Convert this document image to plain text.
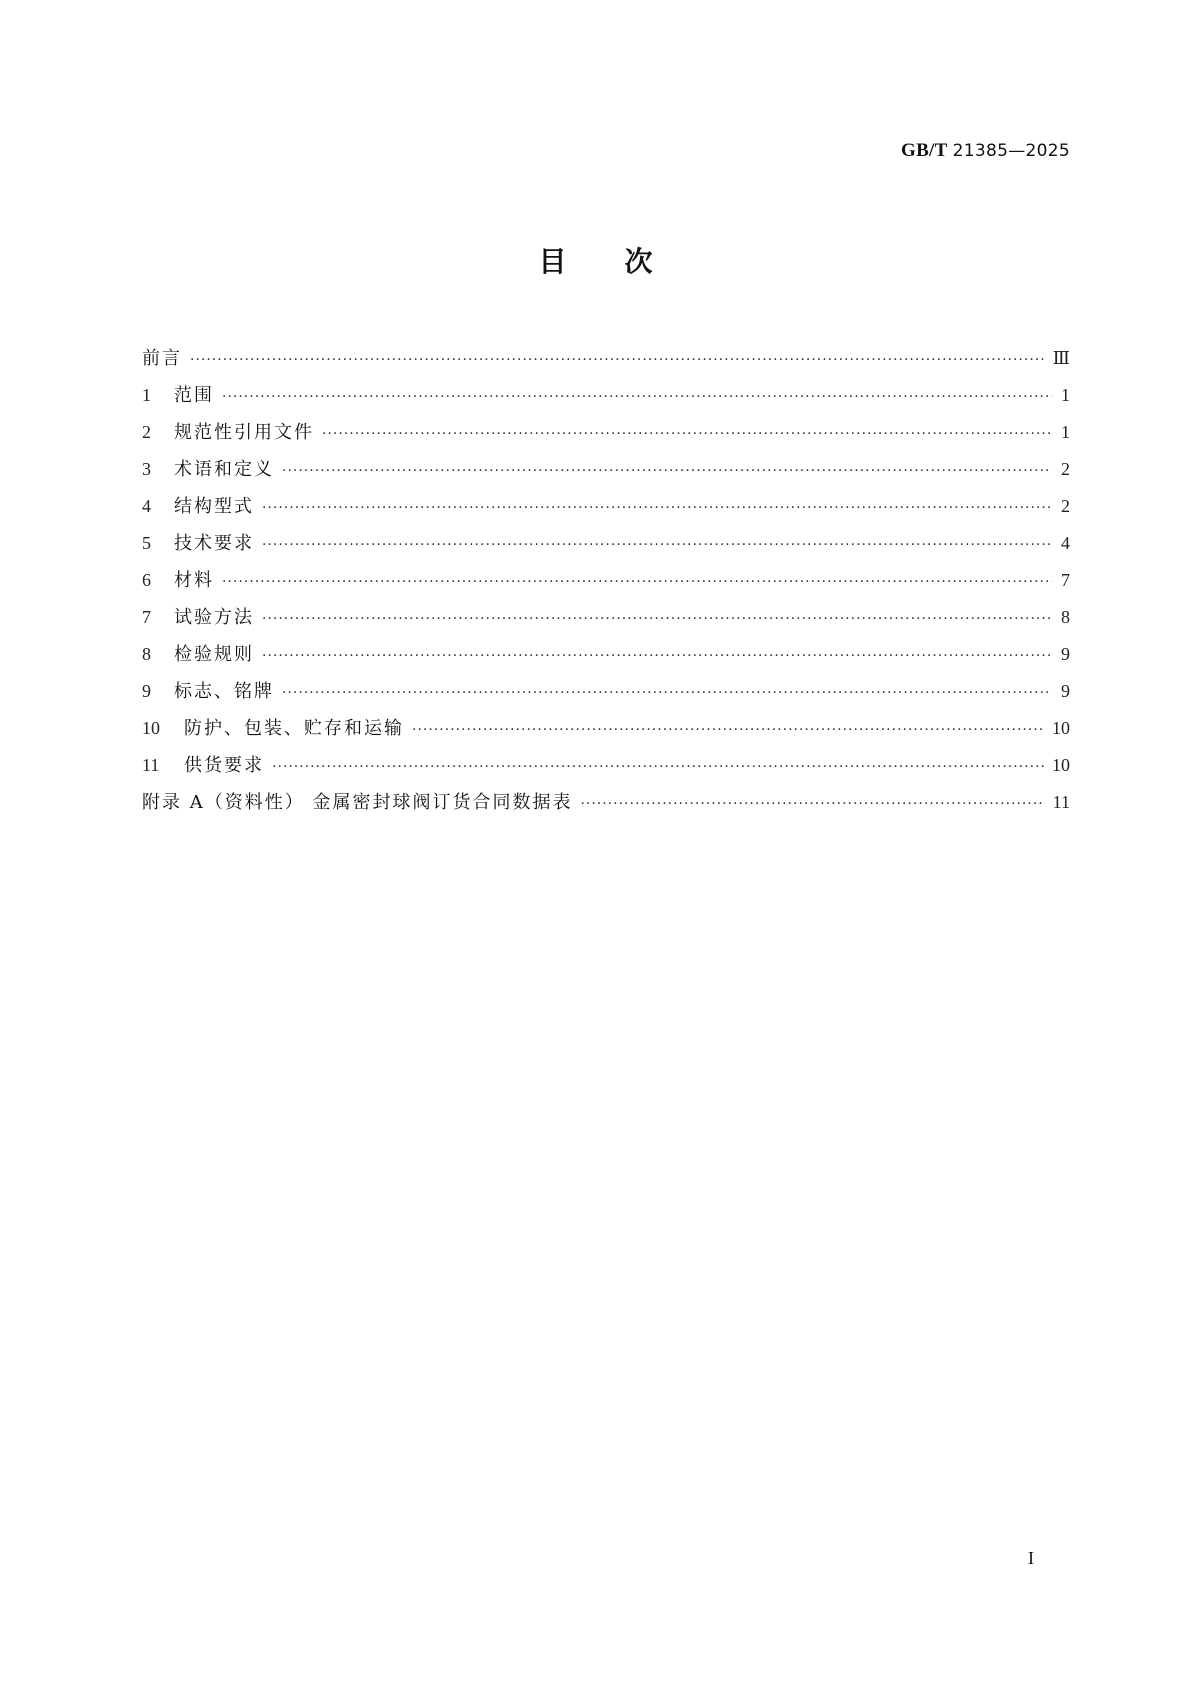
GB/T 21385—2025
目次
前言 ·····	Ⅲ
1	范围 ·····	1
2	规范性引用文件 ·····	1
3	术语和定义 ·····	2
4	结构型式 ·····	2
5	技术要求 ·····	4
6	材料 ·····	7
7	试验方法 ·····	8
8	检验规则 ·····	9
9	标志、铭牌 ·····	9
10	防护、包装、贮存和运输 ·····	10
11	供货要求 ·····	10
附录 A（资料性） 金属密封球阀订货合同数据表 ·····	11
I
